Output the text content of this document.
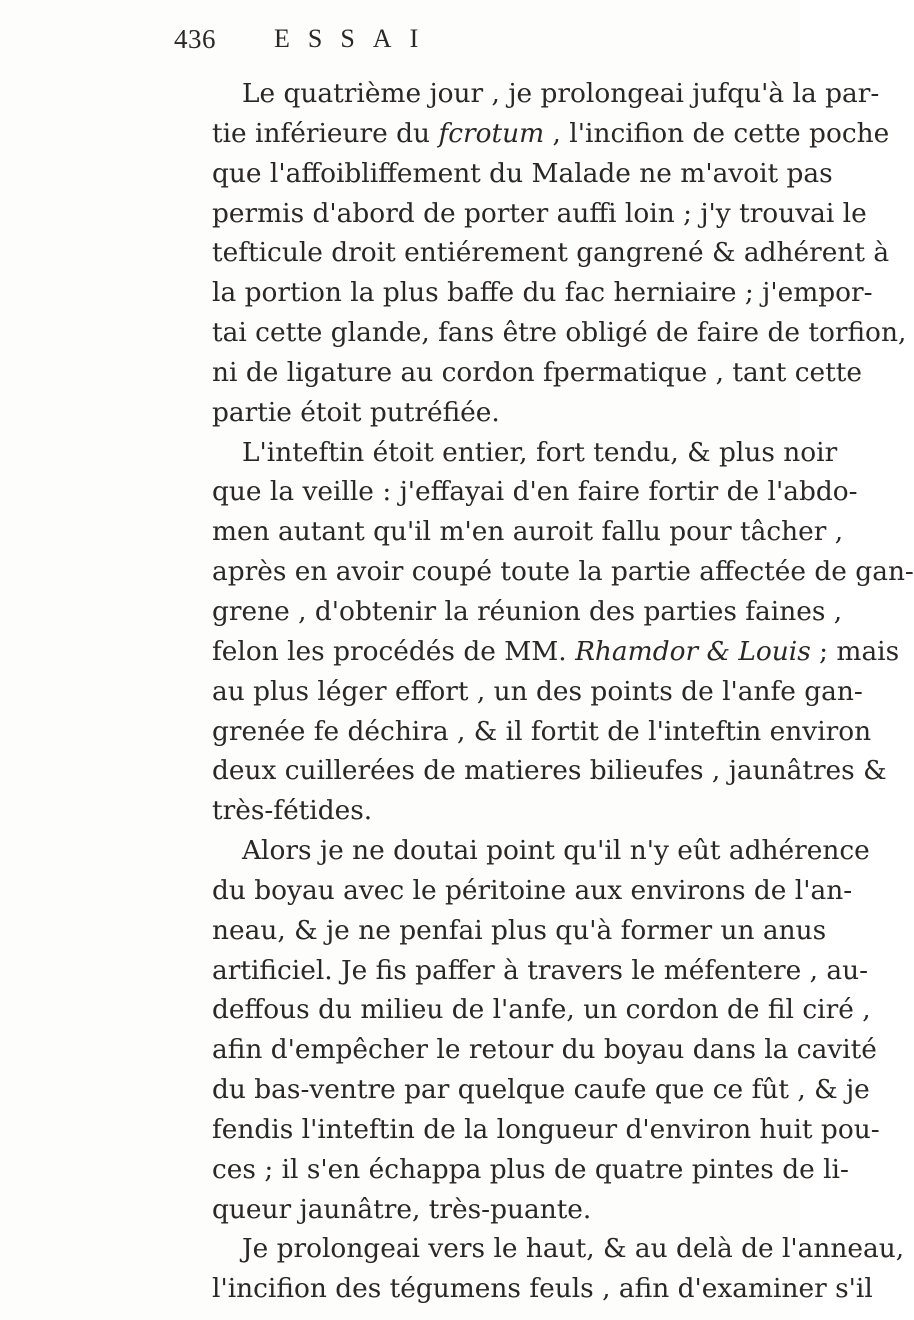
436 ESSAI
Le quatrième jour , je prolongeai jufqu'à la par-
tie inférieure du fcrotum , l'incifion de cette poche
que l'affoibliffement du Malade ne m'avoit pas
permis d'abord de porter auffi loin ; j'y trouvai le
tefticule droit entiérement gangrené & adhérent à
la portion la plus baffe du fac herniaire ; j'empor-
tai cette glande, fans être obligé de faire de torfion,
ni de ligature au cordon fpermatique , tant cette
partie étoit putréfiée.
L'inteftin étoit entier, fort tendu, & plus noir
que la veille : j'effayai d'en faire fortir de l'abdo-
men autant qu'il m'en auroit fallu pour tâcher ,
après en avoir coupé toute la partie affectée de gan-
grene , d'obtenir la réunion des parties faines ,
felon les procédés de MM. Rhamdor & Louis ; mais
au plus léger effort , un des points de l'anfe gan-
grenée fe déchira , & il fortit de l'inteftin environ
deux cuillerées de matieres bilieufes , jaunâtres &
très-fétides.
Alors je ne doutai point qu'il n'y eût adhérence
du boyau avec le péritoine aux environs de l'an-
neau, & je ne penfai plus qu'à former un anus
artificiel. Je fis paffer à travers le méfentere , au-
deffous du milieu de l'anfe, un cordon de fil ciré ,
afin d'empêcher le retour du boyau dans la cavité
du bas-ventre par quelque caufe que ce fût , & je
fendis l'inteftin de la longueur d'environ huit pou-
ces ; il s'en échappa plus de quatre pintes de li-
queur jaunâtre, très-puante.
Je prolongeai vers le haut, & au delà de l'anneau,
l'incifion des tégumens feuls , afin d'examiner s'il
